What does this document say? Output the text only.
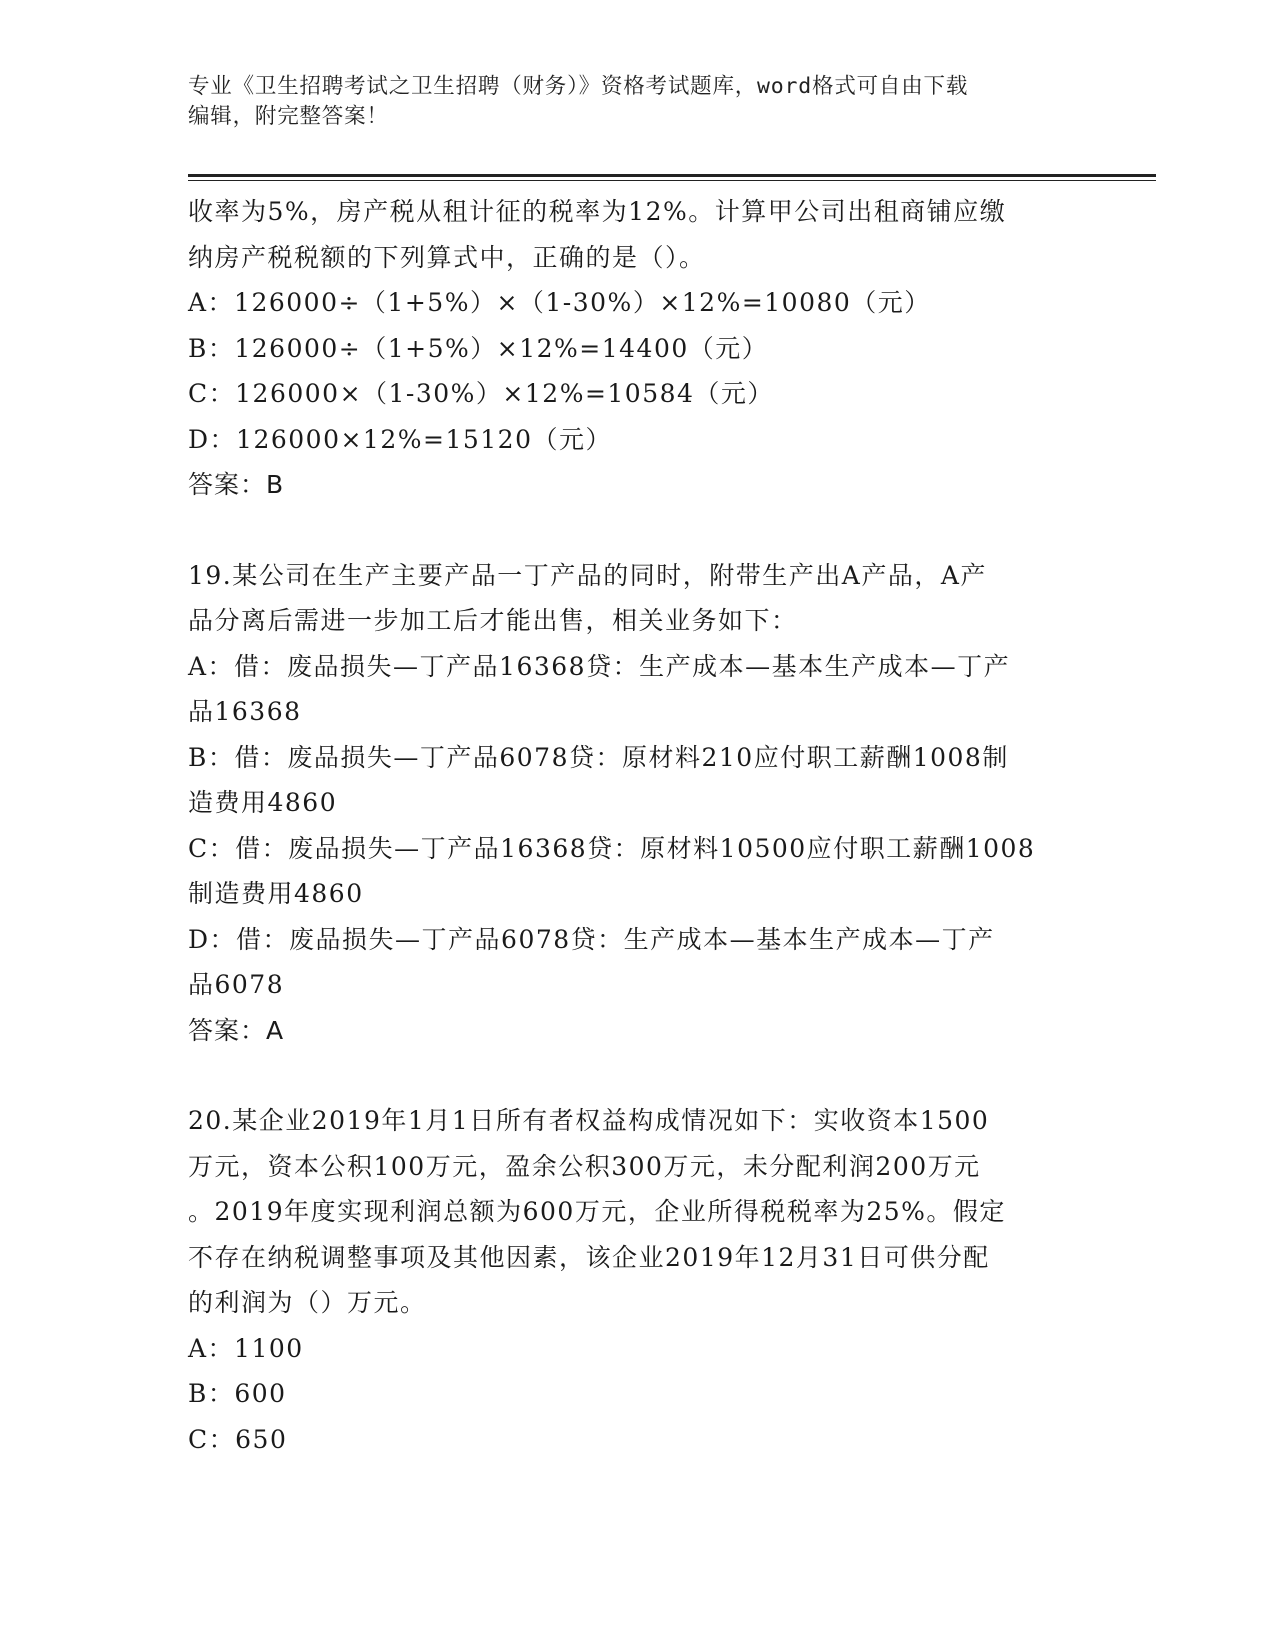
专业《卫生招聘考试之卫生招聘（财务）》资格考试题库，word格式可自由下载
编辑，附完整答案！

收率为5%，房产税从租计征的税率为12%。计算甲公司出租商铺应缴

纳房产税税额的下列算式中，正确的是（）。

A：126000÷（1+5%）×（1-30%）×12%=10080（元）

B：126000÷（1+5%）×12%=14400（元）

C：126000×（1-30%）×12%=10584（元）

D：126000×12%=15120（元）

答案：B

19.某公司在生产主要产品一丁产品的同时，附带生产出A产品，A产

品分离后需进一步加工后才能出售，相关业务如下：

A：借：废品损失—丁产品16368贷：生产成本—基本生产成本—丁产

品16368

B：借：废品损失—丁产品6078贷：原材料210应付职工薪酬1008制

造费用4860

C：借：废品损失—丁产品16368贷：原材料10500应付职工薪酬1008

制造费用4860

D：借：废品损失—丁产品6078贷：生产成本—基本生产成本—丁产

品6078

答案：A

20.某企业2019年1月1日所有者权益构成情况如下：实收资本1500

万元，资本公积100万元，盈余公积300万元，未分配利润200万元

。2019年度实现利润总额为600万元，企业所得税税率为25%。假定

不存在纳税调整事项及其他因素，该企业2019年12月31日可供分配

的利润为（）万元。

A：1100

B：600

C：650
